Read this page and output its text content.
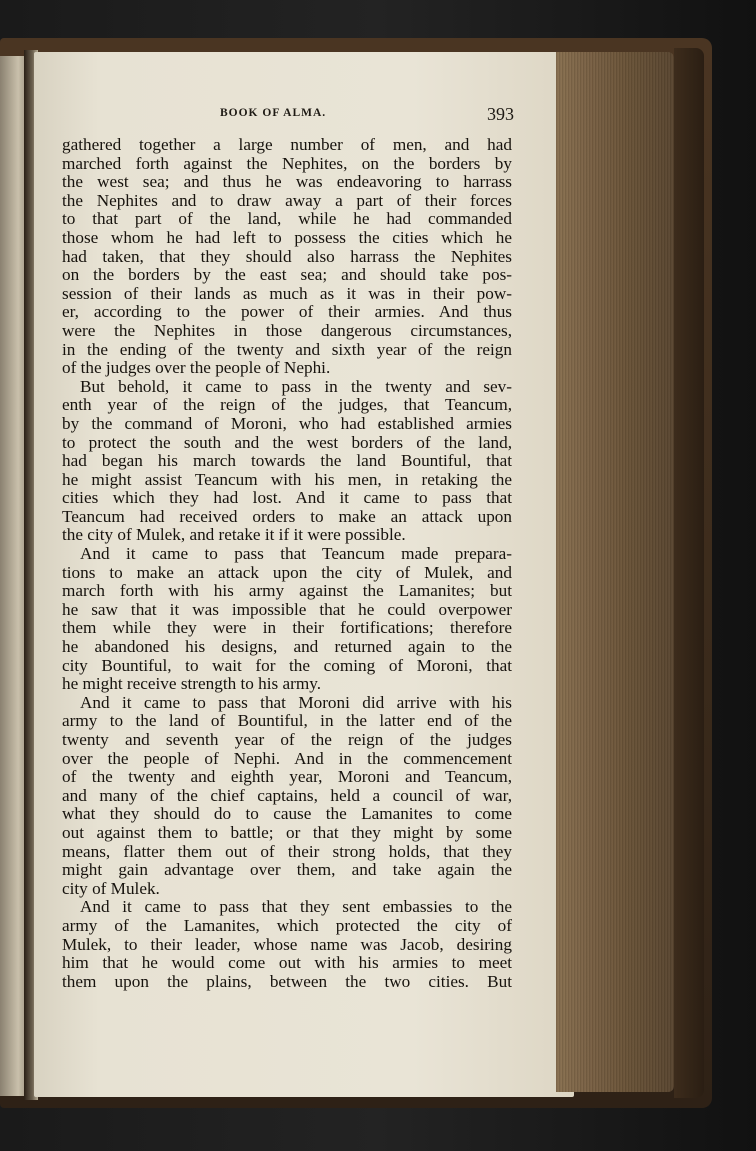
BOOK OF ALMA.	393
gathered together a large number of men, and had
marched forth against the Nephites, on the borders by
the west sea; and thus he was endeavoring to harrass
the Nephites and to draw away a part of their forces
to that part of the land, while he had commanded
those whom he had left to possess the cities which he
had taken, that they should also harrass the Nephites
on the borders by the east sea; and should take pos-
session of their lands as much as it was in their pow-
er, according to the power of their armies. And thus
were the Nephites in those dangerous circumstances,
in the ending of the twenty and sixth year of the reign
of the judges over the people of Nephi.
But behold, it came to pass in the twenty and sev-
enth year of the reign of the judges, that Teancum,
by the command of Moroni, who had established armies
to protect the south and the west borders of the land,
had began his march towards the land Bountiful, that
he might assist Teancum with his men, in retaking the
cities which they had lost. And it came to pass that
Teancum had received orders to make an attack upon
the city of Mulek, and retake it if it were possible.
And it came to pass that Teancum made prepara-
tions to make an attack upon the city of Mulek, and
march forth with his army against the Lamanites; but
he saw that it was impossible that he could overpower
them while they were in their fortifications; therefore
he abandoned his designs, and returned again to the
city Bountiful, to wait for the coming of Moroni, that
he might receive strength to his army.
And it came to pass that Moroni did arrive with his
army to the land of Bountiful, in the latter end of the
twenty and seventh year of the reign of the judges
over the people of Nephi. And in the commencement
of the twenty and eighth year, Moroni and Teancum,
and many of the chief captains, held a council of war,
what they should do to cause the Lamanites to come
out against them to battle; or that they might by some
means, flatter them out of their strong holds, that they
might gain advantage over them, and take again the
city of Mulek.
And it came to pass that they sent embassies to the
army of the Lamanites, which protected the city of
Mulek, to their leader, whose name was Jacob, desiring
him that he would come out with his armies to meet
them upon the plains, between the two cities. But
